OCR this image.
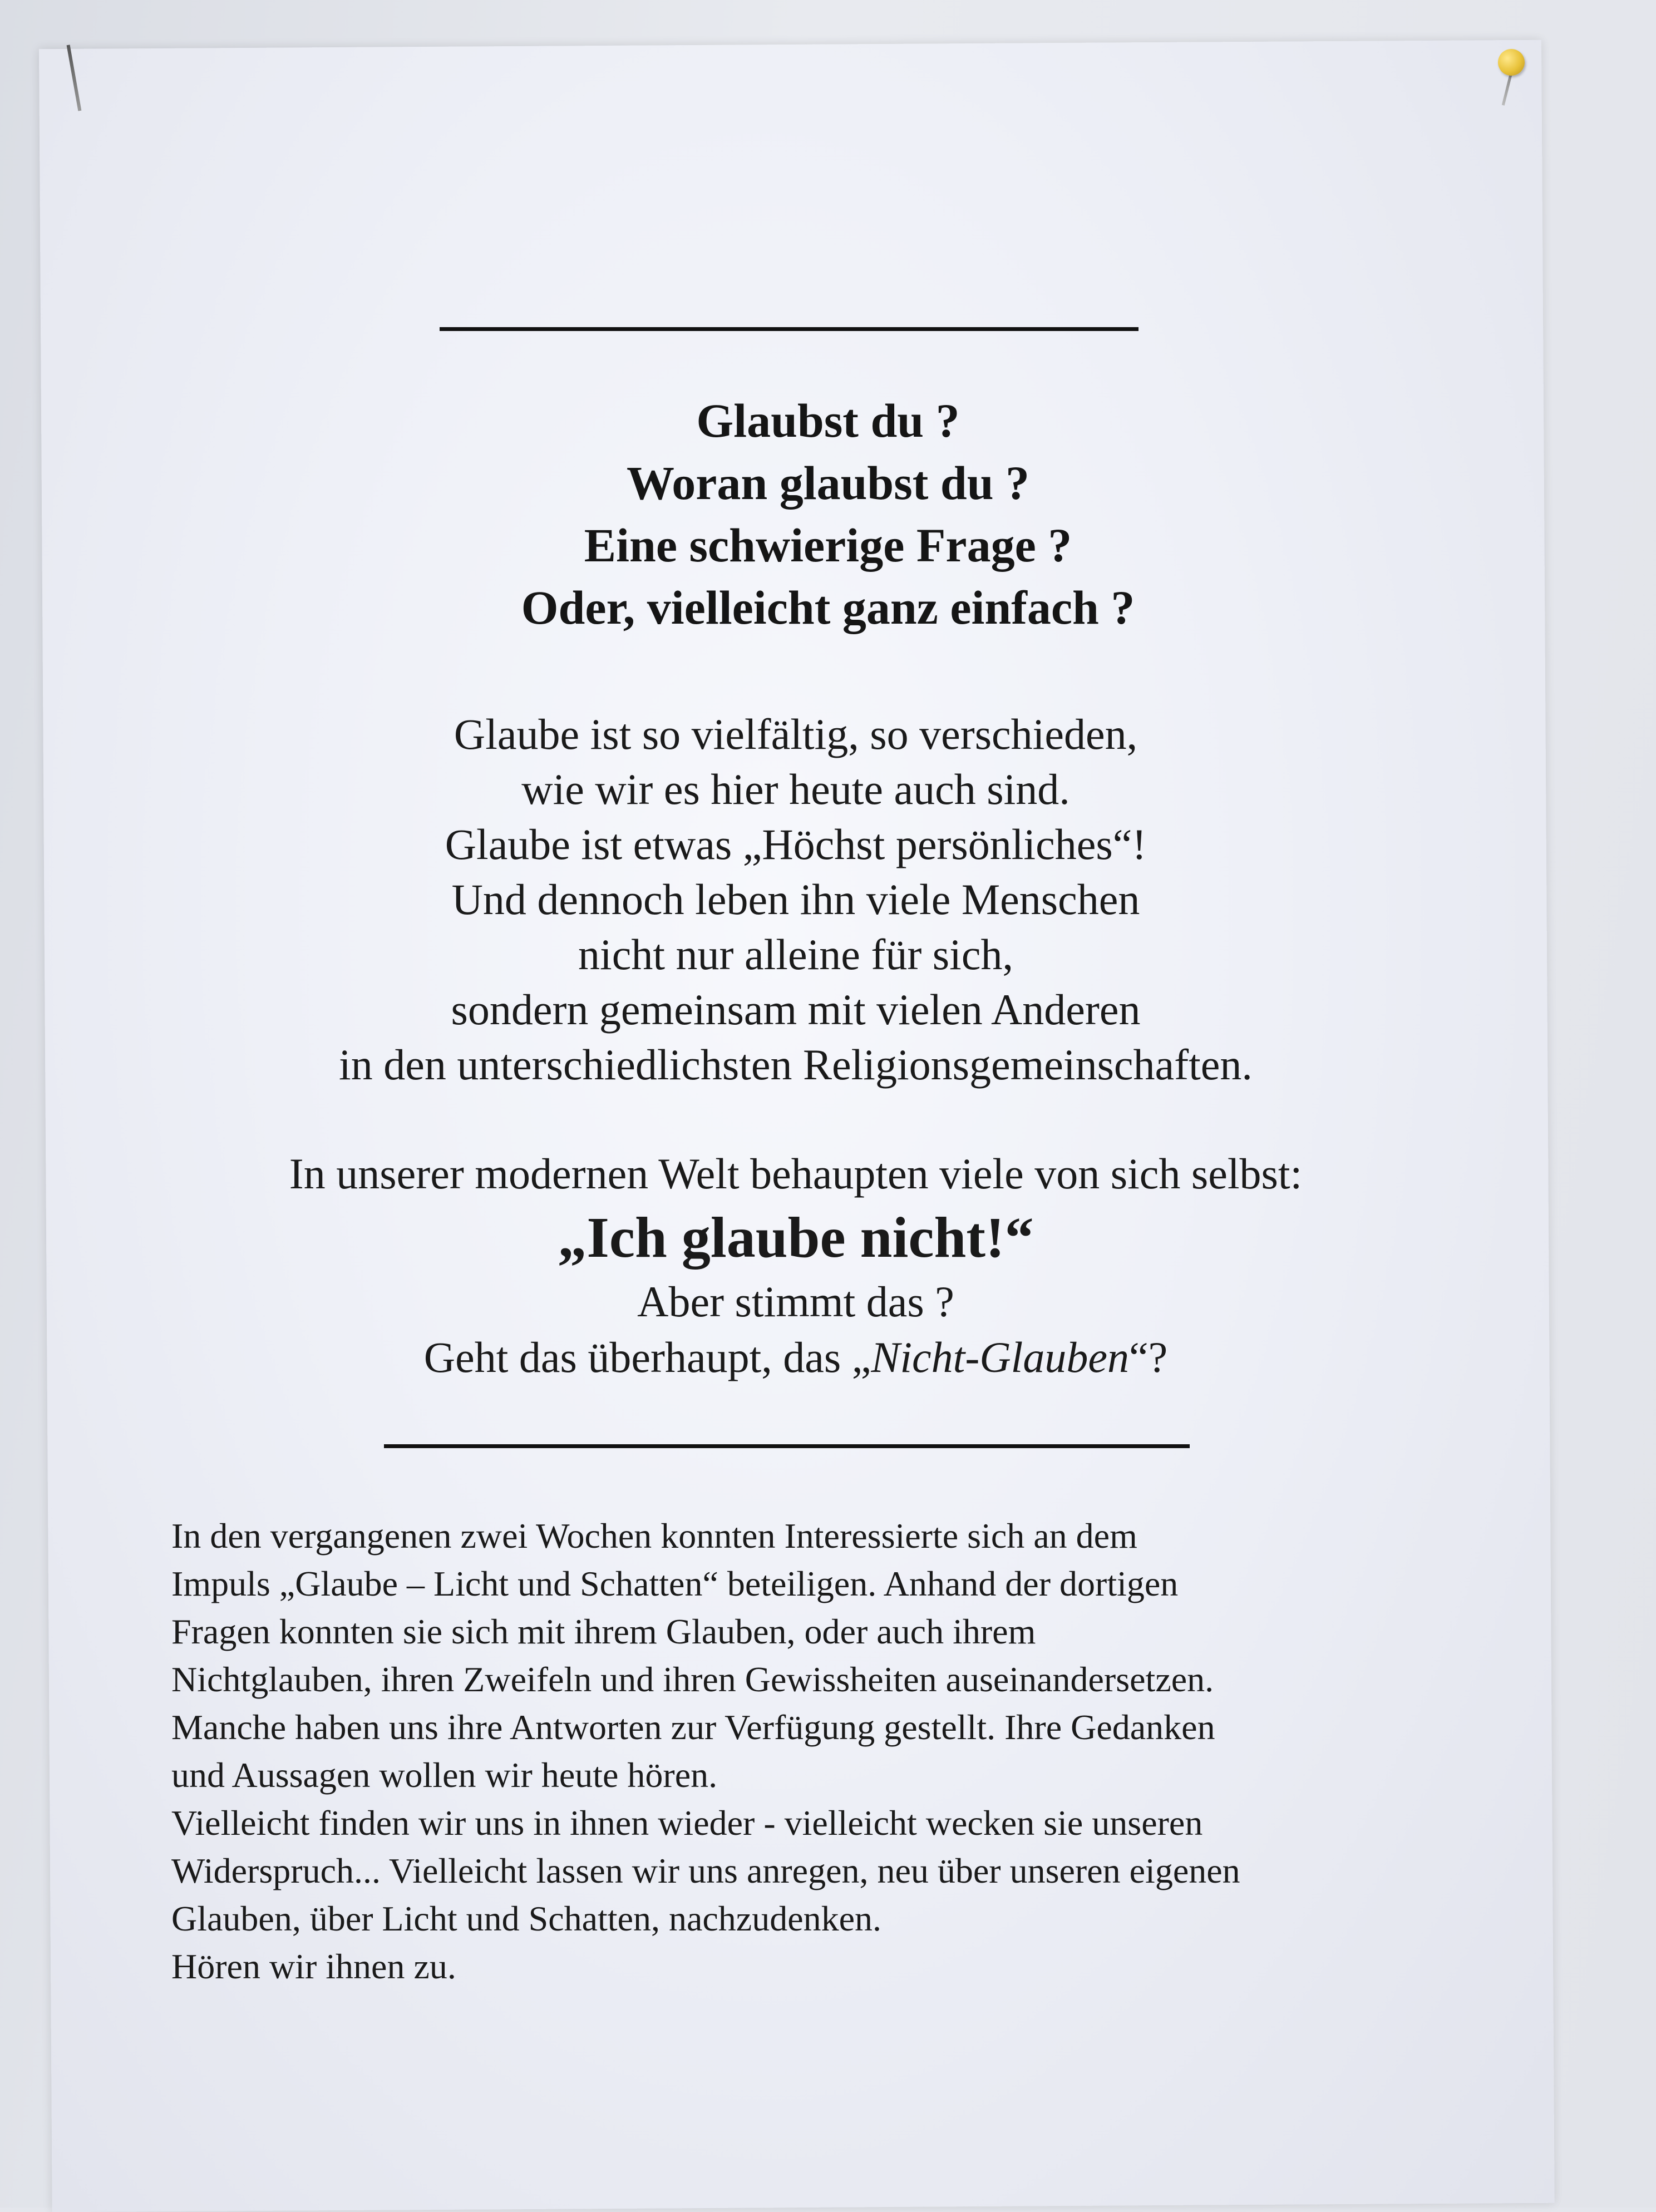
Glaubst du ?
Woran glaubst du ?
Eine schwierige Frage ?
Oder, vielleicht ganz einfach ?
Glaube ist so vielfältig, so verschieden,
wie wir es hier heute auch sind.
Glaube ist etwas „Höchst persönliches“!
Und dennoch leben ihn viele Menschen
nicht nur alleine für sich,
sondern gemeinsam mit vielen Anderen
in den unterschiedlichsten Religionsgemeinschaften.
In unserer modernen Welt behaupten viele von sich selbst:
„Ich glaube nicht!“
Aber stimmt das ?
Geht das überhaupt, das „Nicht-Glauben“?
In den vergangenen zwei Wochen konnten Interessierte sich an dem
Impuls „Glaube – Licht und Schatten“ beteiligen. Anhand der dortigen
Fragen konnten sie sich mit ihrem Glauben, oder auch ihrem
Nichtglauben, ihren Zweifeln und ihren Gewissheiten auseinandersetzen.
Manche haben uns ihre Antworten zur Verfügung gestellt. Ihre Gedanken
und Aussagen wollen wir heute hören.
Vielleicht finden wir uns in ihnen wieder - vielleicht wecken sie unseren
Widerspruch... Vielleicht lassen wir uns anregen, neu über unseren eigenen
Glauben, über Licht und Schatten, nachzudenken.
Hören wir ihnen zu.
